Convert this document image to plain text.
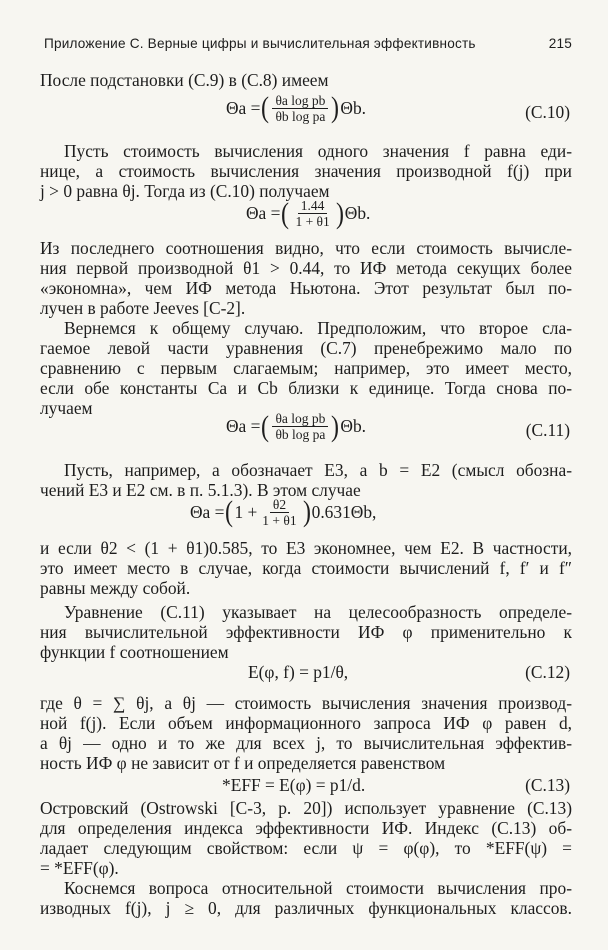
Приложение C. Верные цифры и вычислительная эффективность	215
После подстановки (С.9) в (С.8) имеем
Θa = ( $\frac{\text{θa log pb}}{\text{θb log pa}}$ ) Θb.	(C.10)
Пусть стоимость вычисления одного значения f равна еди-
нице, а стоимость вычисления значения производной f(j) при
j > 0 равна θj. Тогда из (С.10) получаем
Θa = ( $\frac{1.44}{1 + \theta 1}$ ) Θb.
Из последнего соотношения видно, что если стоимость вычисле-
ния первой производной θ1 > 0.44, то ИФ метода секущих более
«экономна», чем ИФ метода Ньютона. Этот результат был по-
лучен в работе Jeeves [С-2].
Вернемся к общему случаю. Предположим, что второе сла-
гаемое левой части уравнения (С.7) пренебрежимо мало по
сравнению с первым слагаемым; например, это имеет место,
если обе константы Ca и Cb близки к единице. Тогда снова по-
лучаем
Θa = ( $\frac{\text{θa log pb}}{\text{θb log pa}}$ ) Θb.	(C.11)
Пусть, например, a обозначает E3, а b = E2 (смысл обозна-
чений E3 и E2 см. в п. 5.1.3). В этом случае
Θa = ( $1 + \frac{\theta 2}{1 + \theta 1}$ ) 0.631Θb,
и если θ2 < (1 + θ1)0.585, то E3 экономнее, чем E2. В частности,
это имеет место в случае, когда стоимости вычислений f, f′ и f″
равны между собой.
Уравнение (С.11) указывает на целесообразность определе-
ния вычислительной эффективности ИФ φ применительно к
функции f соотношением
E(φ, f) = p1/θ,	(C.12)
где θ = ∑ θj, а θj — стоимость вычисления значения производ-
ной f(j). Если объем информационного запроса ИФ φ равен d,
а θj — одно и то же для всех j, то вычислительная эффектив-
ность ИФ φ не зависит от f и определяется равенством
*EFF = E(φ) = p1/d.	(C.13)
Островский (Ostrowski [С-3, p. 20]) использует уравнение (С.13)
для определения индекса эффективности ИФ. Индекс (С.13) об-
ладает следующим свойством: если ψ = φ(φ), то *EFF(ψ) =
= *EFF(φ).
Коснемся вопроса относительной стоимости вычисления про-
изводных f(j), j ≥ 0, для различных функциональных классов.
